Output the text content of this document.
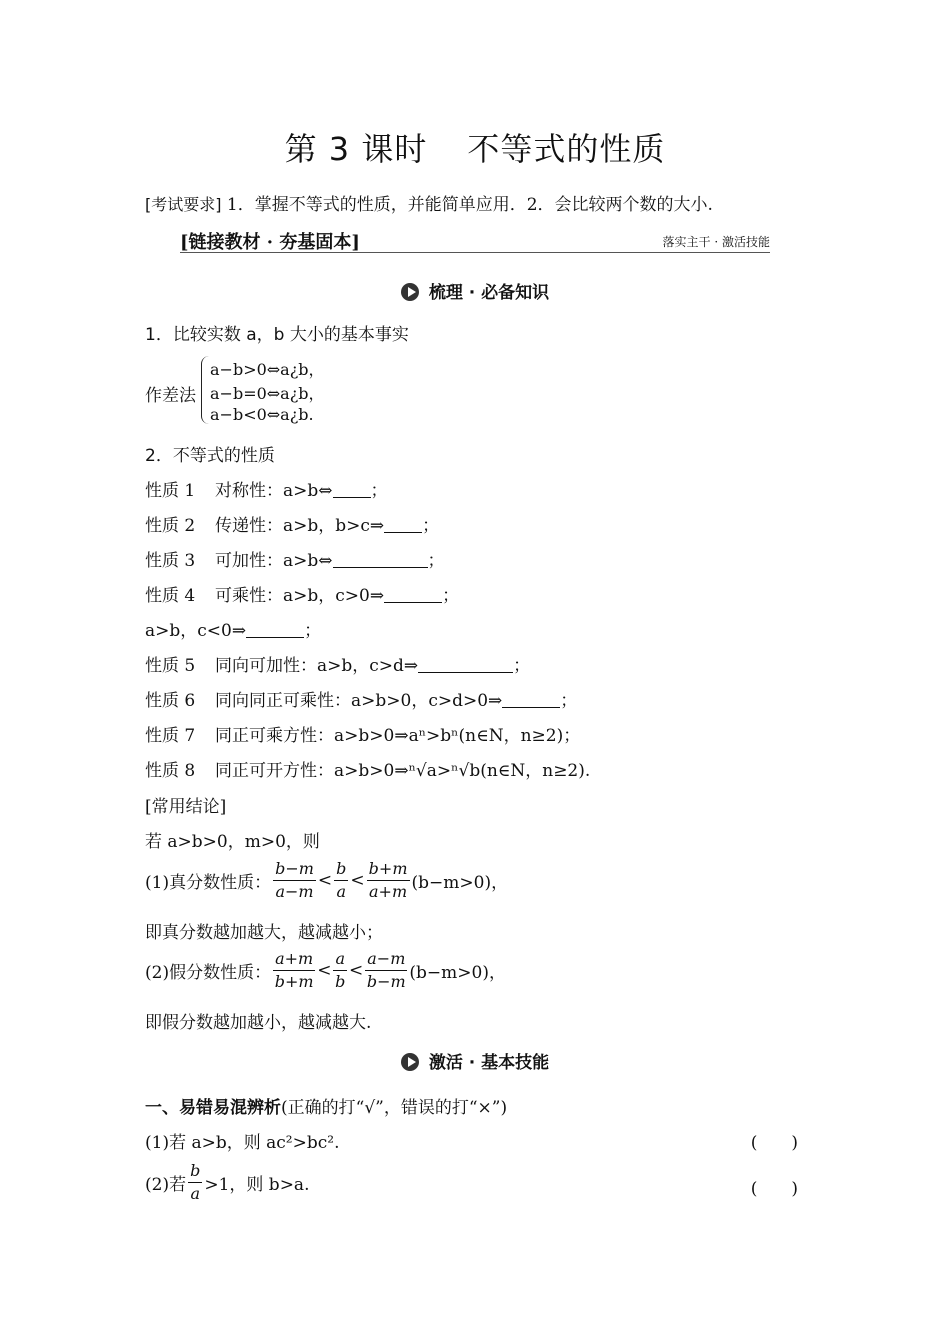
第 3 课时 不等式的性质
[考试要求] 1．掌握不等式的性质，并能简单应用．2．会比较两个数的大小.
[链接教材 · 夯基固本]	落实主干 · 激活技能
梳理 · 必备知识
1．比较实数 a，b 大小的基本事实
作差法
a−b>0⇔a¿b，
a−b=0⇔a¿b，
a−b<0⇔a¿b.
2．不等式的性质
性质 1 对称性：a>b⇔ ；
性质 2 传递性：a>b，b>c⇒ ；
性质 3 可加性：a>b⇔	；
性质 4 可乘性：a>b，c>0⇒	；
a>b，c<0⇒	；
性质 5 同向可加性：a>b，c>d⇒	；
性质 6 同向同正可乘性：a>b>0，c>d>0⇒	；
性质 7 同正可乘方性：a>b>0⇒aⁿ>bⁿ(n∈N，n≥2)；
性质 8 同正可开方性：a>b>0⇒ⁿ√a>ⁿ√b(n∈N，n≥2).
[常用结论]
若 a>b>0，m>0，则
(1)真分数性质： $\frac{b-m}{a-m} < \frac{b}{a} < \frac{b+m}{a+m} (b-m>0)$，
即真分数越加越大，越减越小；
(2)假分数性质： $\frac{a+m}{b+m} < \frac{a}{b} < \frac{a-m}{b-m} (b-m>0)$，
即假分数越加越小，越减越大.
激活 · 基本技能
一、易错易混辨析(正确的打“√”，错误的打“×”)
(1)若 a>b，则 ac²>bc².	(　　)
(2)若 $\frac{b}{a} >1$，则 b>a.	(　　)
